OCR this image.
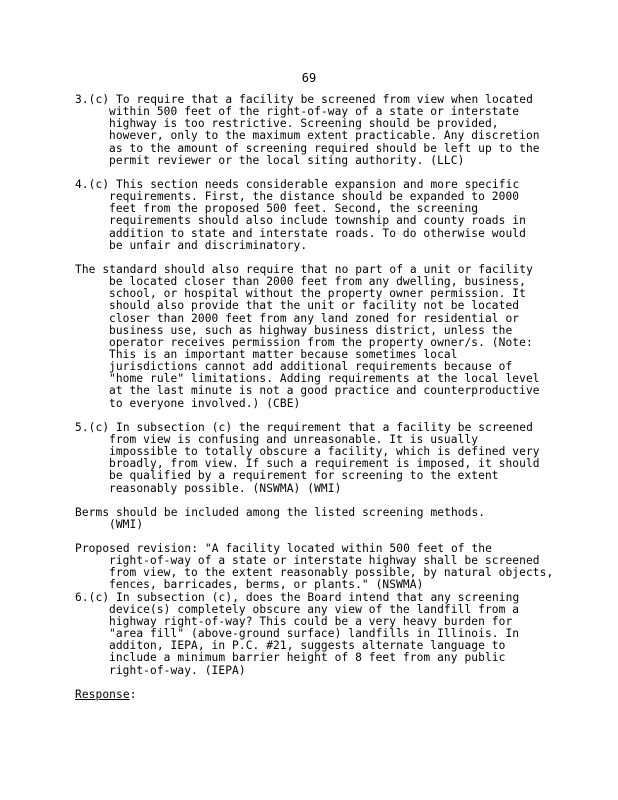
69
3.(c) To require that a facility be screened from view when located
within 500 feet of the right-of-way of a state or interstate
highway is too restrictive. Screening should be provided,
however, only to the maximum extent practicable. Any discretion
as to the amount of screening required should be left up to the
permit reviewer or the local siting authority. (LLC)
4.(c) This section needs considerable expansion and more specific
requirements. First, the distance should be expanded to 2000
feet from the proposed 500 feet. Second, the screening
requirements should also include township and county roads in
addition to state and interstate roads. To do otherwise would
be unfair and discriminatory.
The standard should also require that no part of a unit or facility
be located closer than 2000 feet from any dwelling, business,
school, or hospital without the property owner permission. It
should also provide that the unit or facility not be located
closer than 2000 feet from any land zoned for residential or
business use, such as highway business district, unless the
operator receives permission from the property owner/s. (Note:
This is an important matter because sometimes local
jurisdictions cannot add additional requirements because of
"home rule" limitations. Adding requirements at the local level
at the last minute is not a good practice and counterproductive
to everyone involved.) (CBE)
5.(c) In subsection (c) the requirement that a facility be screened
from view is confusing and unreasonable. It is usually
impossible to totally obscure a facility, which is defined very
broadly, from view. If such a requirement is imposed, it should
be qualified by a requirement for screening to the extent
reasonably possible. (NSWMA) (WMI)
Berms should be included among the listed screening methods.
(WMI)
Proposed revision: "A facility located within 500 feet of the
right-of-way of a state or interstate highway shall be screened
from view, to the extent reasonably possible, by natural objects,
fences, barricades, berms, or plants." (NSWMA)
6.(c) In subsection (c), does the Board intend that any screening
device(s) completely obscure any view of the landfill from a
highway right-of-way? This could be a very heavy burden for
"area fill" (above-ground surface) landfills in Illinois. In
additon, IEPA, in P.C. #21, suggests alternate language to
include a minimum barrier height of 8 feet from any public
right-of-way. (IEPA)
Response:
